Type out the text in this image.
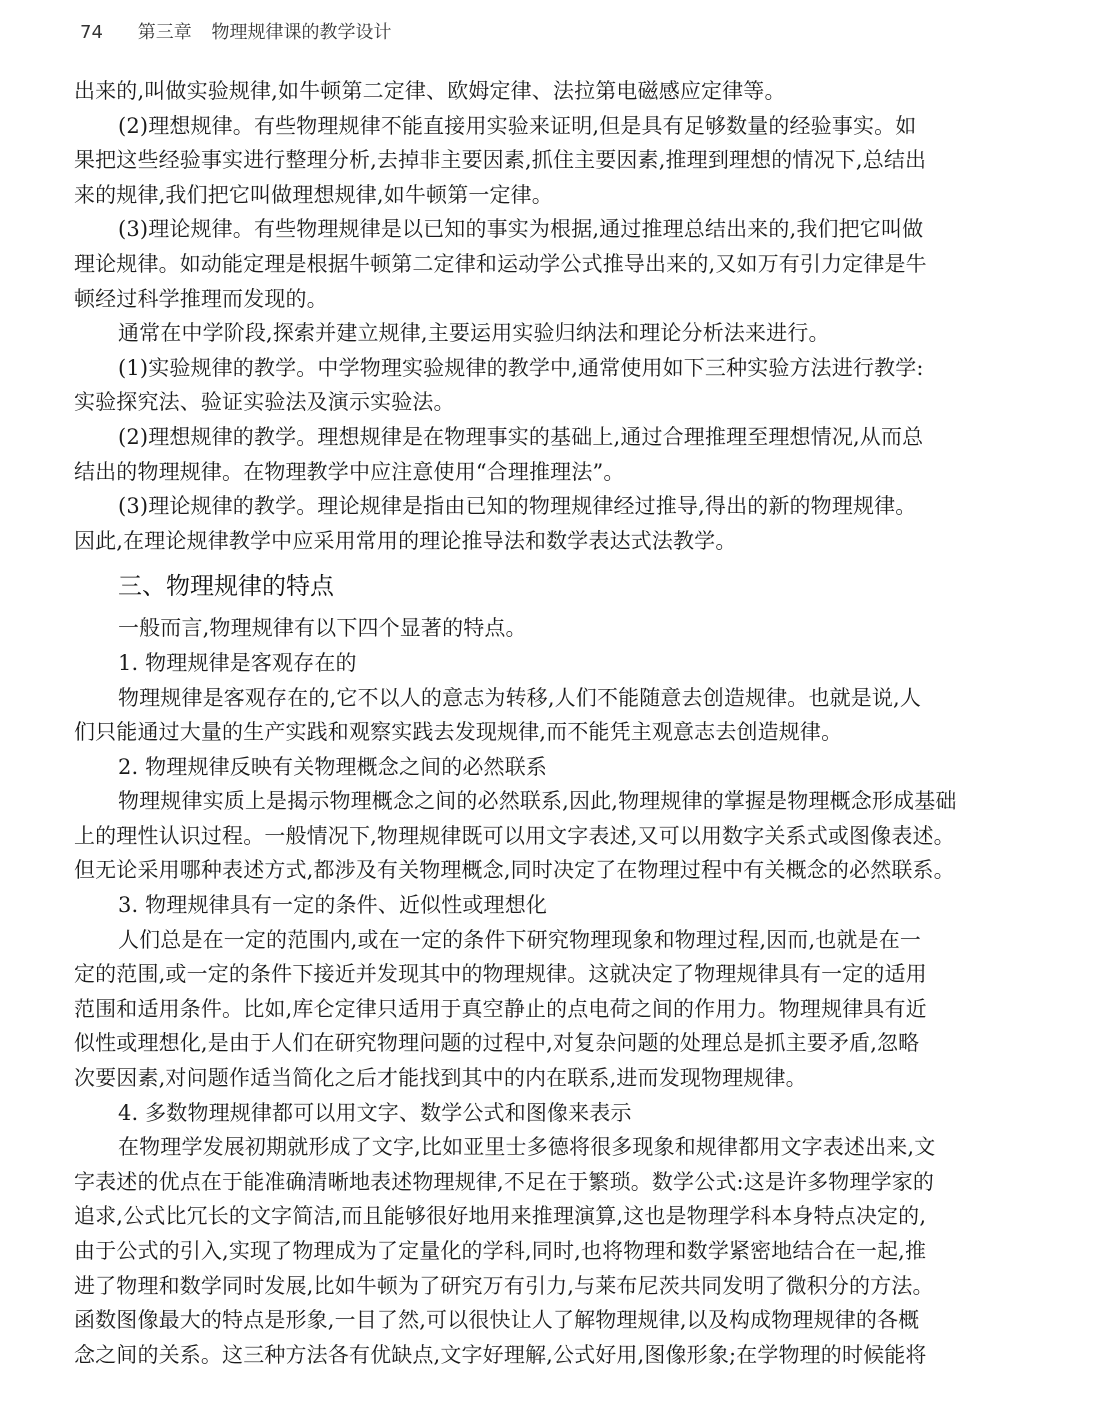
74 第三章 物理规律课的教学设计
出来的,叫做实验规律,如牛顿第二定律、欧姆定律、法拉第电磁感应定律等。
(2)理想规律。有些物理规律不能直接用实验来证明,但是具有足够数量的经验事实。如
果把这些经验事实进行整理分析,去掉非主要因素,抓住主要因素,推理到理想的情况下,总结出
来的规律,我们把它叫做理想规律,如牛顿第一定律。
(3)理论规律。有些物理规律是以已知的事实为根据,通过推理总结出来的,我们把它叫做
理论规律。如动能定理是根据牛顿第二定律和运动学公式推导出来的,又如万有引力定律是牛
顿经过科学推理而发现的。
通常在中学阶段,探索并建立规律,主要运用实验归纳法和理论分析法来进行。
(1)实验规律的教学。中学物理实验规律的教学中,通常使用如下三种实验方法进行教学:
实验探究法、验证实验法及演示实验法。
(2)理想规律的教学。理想规律是在物理事实的基础上,通过合理推理至理想情况,从而总
结出的物理规律。在物理教学中应注意使用“合理推理法”。
(3)理论规律的教学。理论规律是指由已知的物理规律经过推导,得出的新的物理规律。
因此,在理论规律教学中应采用常用的理论推导法和数学表达式法教学。
三、物理规律的特点
一般而言,物理规律有以下四个显著的特点。
1. 物理规律是客观存在的
物理规律是客观存在的,它不以人的意志为转移,人们不能随意去创造规律。也就是说,人
们只能通过大量的生产实践和观察实践去发现规律,而不能凭主观意志去创造规律。
2. 物理规律反映有关物理概念之间的必然联系
物理规律实质上是揭示物理概念之间的必然联系,因此,物理规律的掌握是物理概念形成基础
上的理性认识过程。一般情况下,物理规律既可以用文字表述,又可以用数字关系式或图像表述。
但无论采用哪种表述方式,都涉及有关物理概念,同时决定了在物理过程中有关概念的必然联系。
3. 物理规律具有一定的条件、近似性或理想化
人们总是在一定的范围内,或在一定的条件下研究物理现象和物理过程,因而,也就是在一
定的范围,或一定的条件下接近并发现其中的物理规律。这就决定了物理规律具有一定的适用
范围和适用条件。比如,库仑定律只适用于真空静止的点电荷之间的作用力。物理规律具有近
似性或理想化,是由于人们在研究物理问题的过程中,对复杂问题的处理总是抓主要矛盾,忽略
次要因素,对问题作适当简化之后才能找到其中的内在联系,进而发现物理规律。
4. 多数物理规律都可以用文字、数学公式和图像来表示
在物理学发展初期就形成了文字,比如亚里士多德将很多现象和规律都用文字表述出来,文
字表述的优点在于能准确清晰地表述物理规律,不足在于繁琐。数学公式:这是许多物理学家的
追求,公式比冗长的文字简洁,而且能够很好地用来推理演算,这也是物理学科本身特点决定的,
由于公式的引入,实现了物理成为了定量化的学科,同时,也将物理和数学紧密地结合在一起,推
进了物理和数学同时发展,比如牛顿为了研究万有引力,与莱布尼茨共同发明了微积分的方法。
函数图像最大的特点是形象,一目了然,可以很快让人了解物理规律,以及构成物理规律的各概
念之间的关系。这三种方法各有优缺点,文字好理解,公式好用,图像形象;在学物理的时候能将
